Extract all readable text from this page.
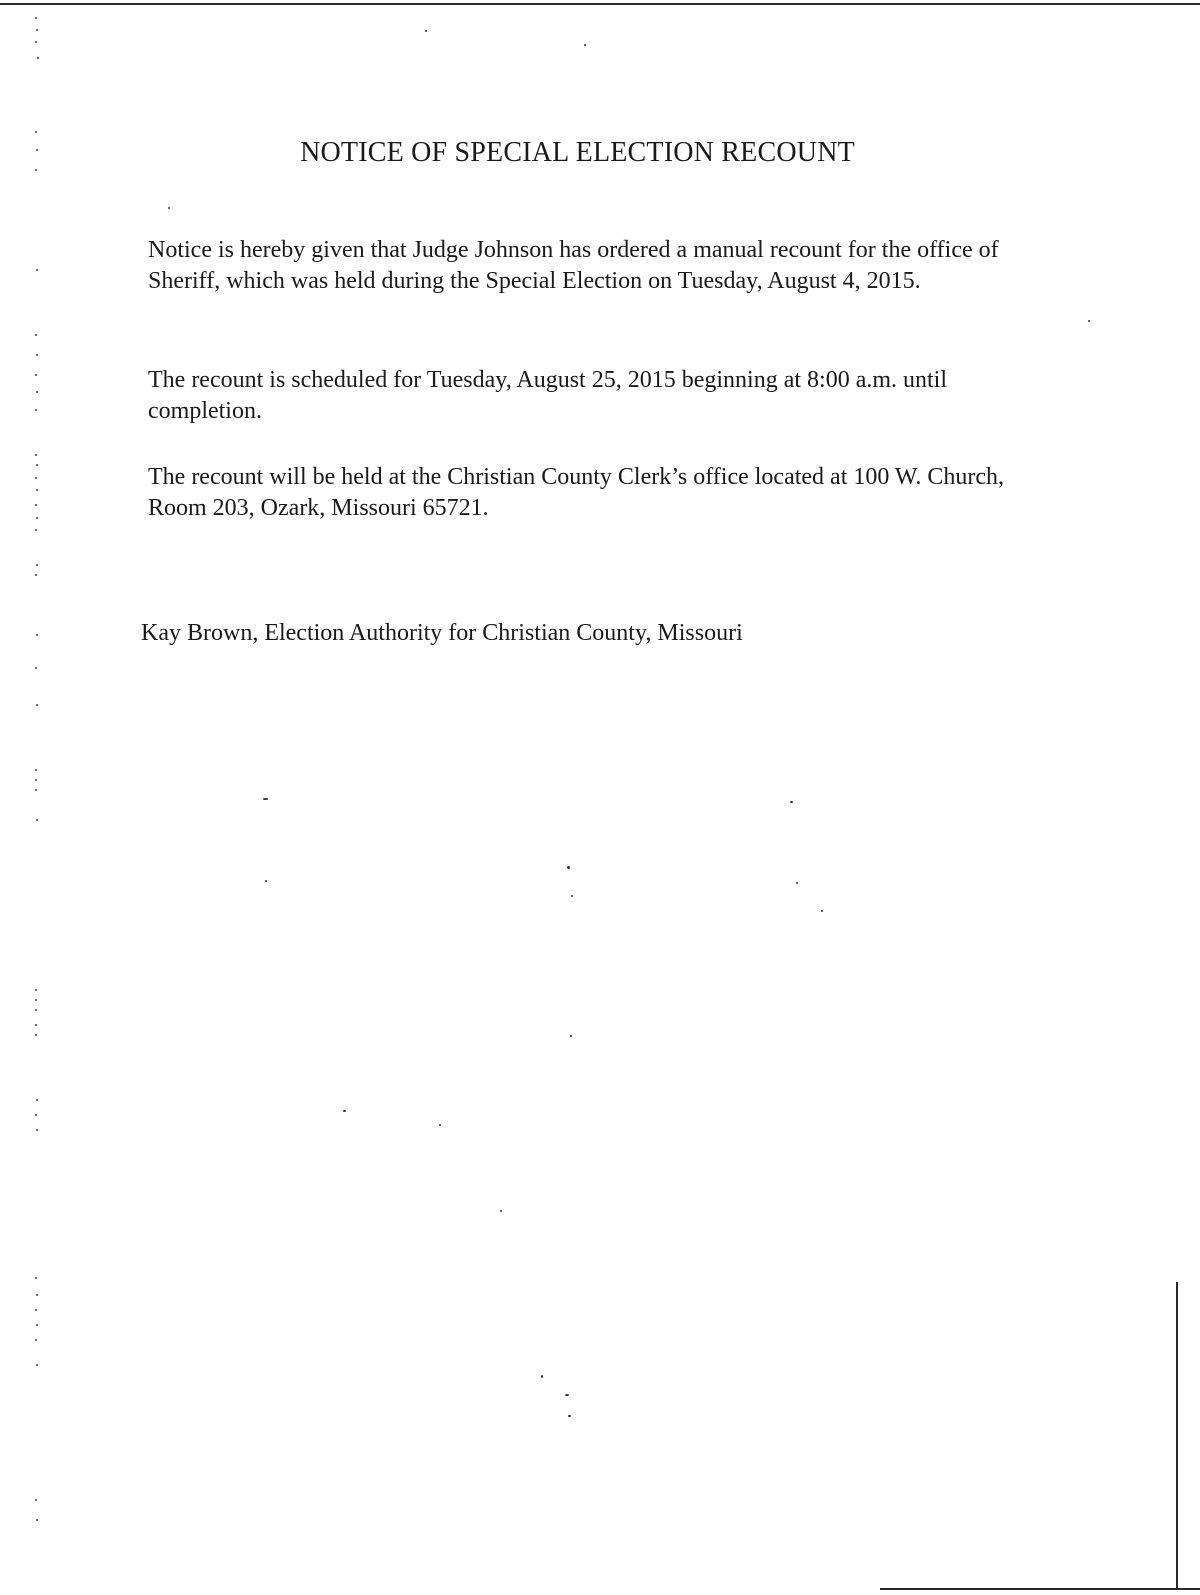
NOTICE OF SPECIAL ELECTION RECOUNT

Notice is hereby given that Judge Johnson has ordered a manual recount for the office of Sheriff, which was held during the Special Election on Tuesday, August 4, 2015.

The recount is scheduled for Tuesday, August 25, 2015 beginning at 8:00 a.m. until completion.

The recount will be held at the Christian County Clerk’s office located at 100 W. Church, Room 203, Ozark, Missouri 65721.

Kay Brown, Election Authority for Christian County, Missouri
